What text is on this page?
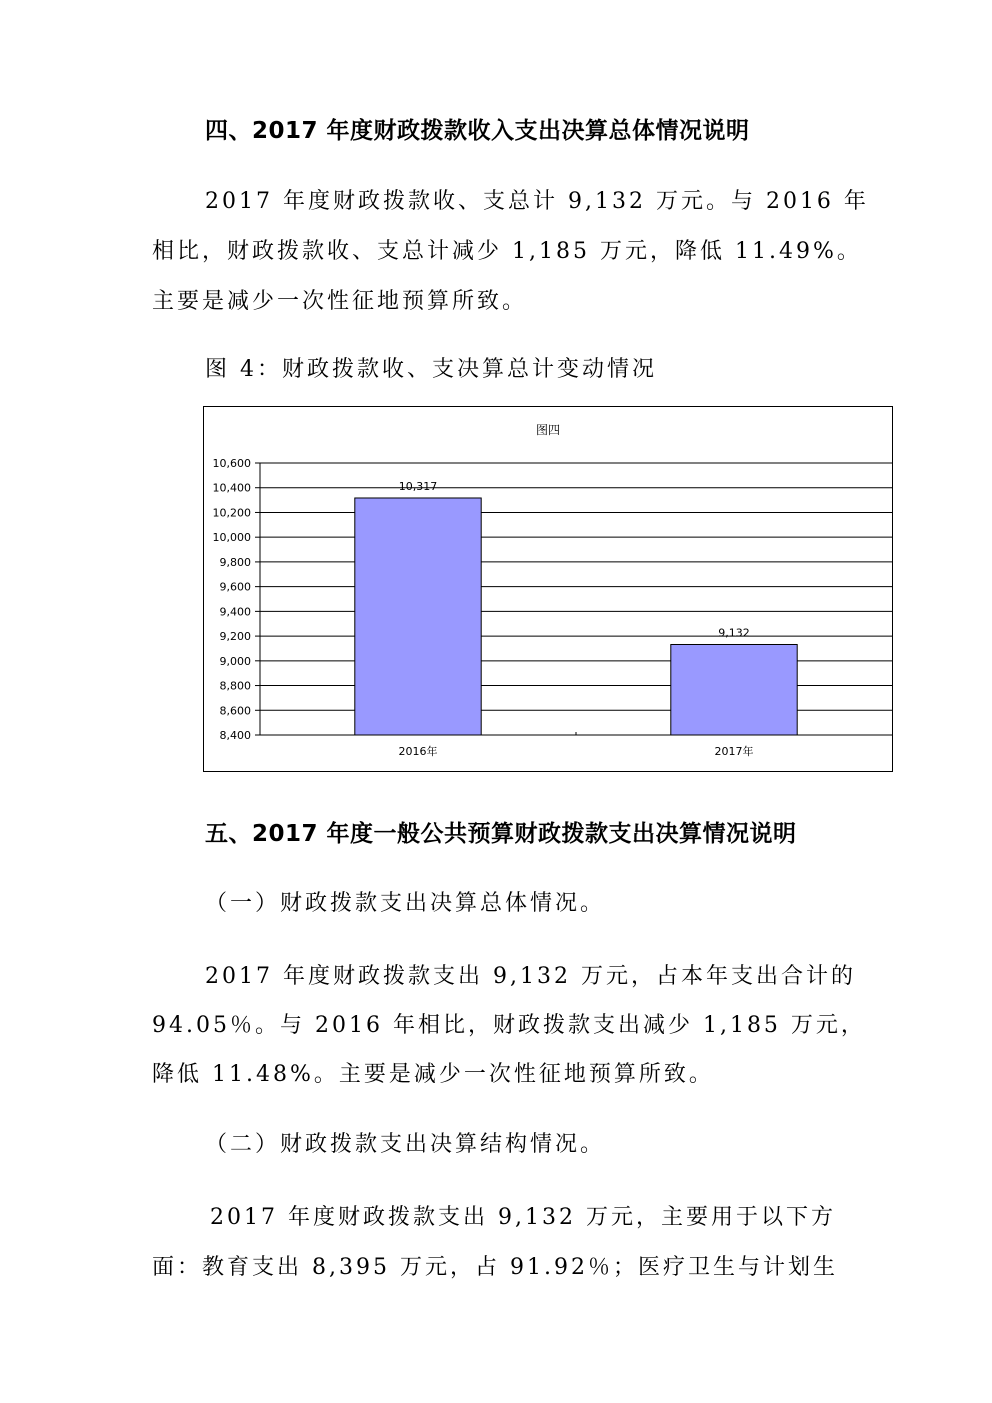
四、2017 年度财政拨款收入支出决算总体情况说明
2017 年度财政拨款收、支总计 9,132 万元。与 2016 年
相比，财政拨款收、支总计减少 1,185 万元，降低 11.49%。
主要是减少一次性征地预算所致。
图 4：财政拨款收、支决算总计变动情况
图四
8,400
8,600
8,800
9,000
9,200
9,400
9,600
9,800
10,000
10,200
10,400
10,600
10,317
2016年
9,132
2017年
五、2017 年度一般公共预算财政拨款支出决算情况说明
（一）财政拨款支出决算总体情况。
2017 年度财政拨款支出 9,132 万元，占本年支出合计的
94.05％。与 2016 年相比，财政拨款支出减少 1,185 万元，
降低 11.48%。主要是减少一次性征地预算所致。
（二）财政拨款支出决算结构情况。
2017 年度财政拨款支出 9,132 万元，主要用于以下方
面：教育支出 8,395 万元，占 91.92％；医疗卫生与计划生
